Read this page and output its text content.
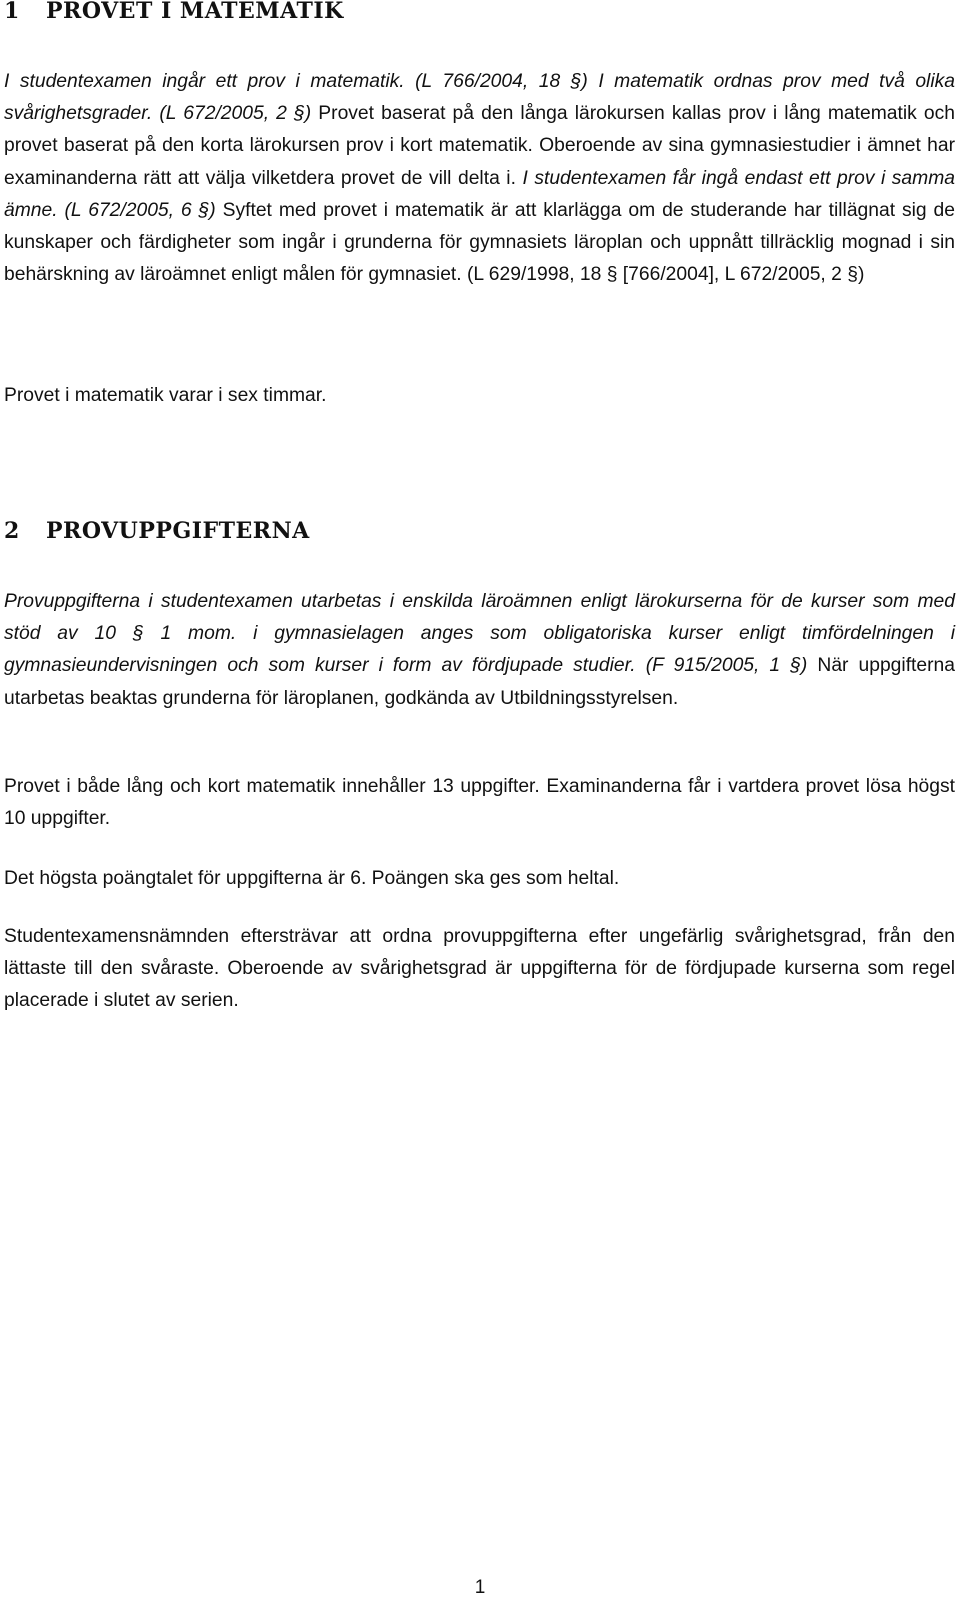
1 PROVET I MATEMATIK

I studentexamen ingår ett prov i matematik. (L 766/2004, 18 §) I matematik ordnas prov med två olika svårighetsgrader. (L 672/2005, 2 §) Provet baserat på den långa lärokursen kallas prov i lång matematik och provet baserat på den korta lärokursen prov i kort matematik. Oberoende av sina gymnasiestudier i ämnet har examinanderna rätt att välja vilketdera provet de vill delta i. I studentexamen får ingå endast ett prov i samma ämne. (L 672/2005, 6 §) Syftet med provet i matematik är att klarlägga om de studerande har tillägnat sig de kunskaper och färdigheter som ingår i grunderna för gymnasiets läroplan och uppnått tillräcklig mognad i sin behärskning av läroämnet enligt målen för gymnasiet. (L 629/1998, 18 § [766/2004], L 672/2005, 2 §)

Provet i matematik varar i sex timmar.

2 PROVUPPGIFTERNA

Provuppgifterna i studentexamen utarbetas i enskilda läroämnen enligt lärokurserna för de kurser som med stöd av 10 § 1 mom. i gymnasielagen anges som obligatoriska kurser enligt timfördelningen i gymnasieundervisningen och som kurser i form av fördjupade studier. (F 915/2005, 1 §) När uppgifterna utarbetas beaktas grunderna för läroplanen, godkända av Utbildningsstyrelsen.

Provet i både lång och kort matematik innehåller 13 uppgifter. Examinanderna får i vartdera provet lösa högst 10 uppgifter.

Det högsta poängtalet för uppgifterna är 6. Poängen ska ges som heltal.

Studentexamensnämnden eftersträvar att ordna provuppgifterna efter ungefärlig svårighetsgrad, från den lättaste till den svåraste. Oberoende av svårighetsgrad är uppgifterna för de fördjupade kurserna som regel placerade i slutet av serien.

1
